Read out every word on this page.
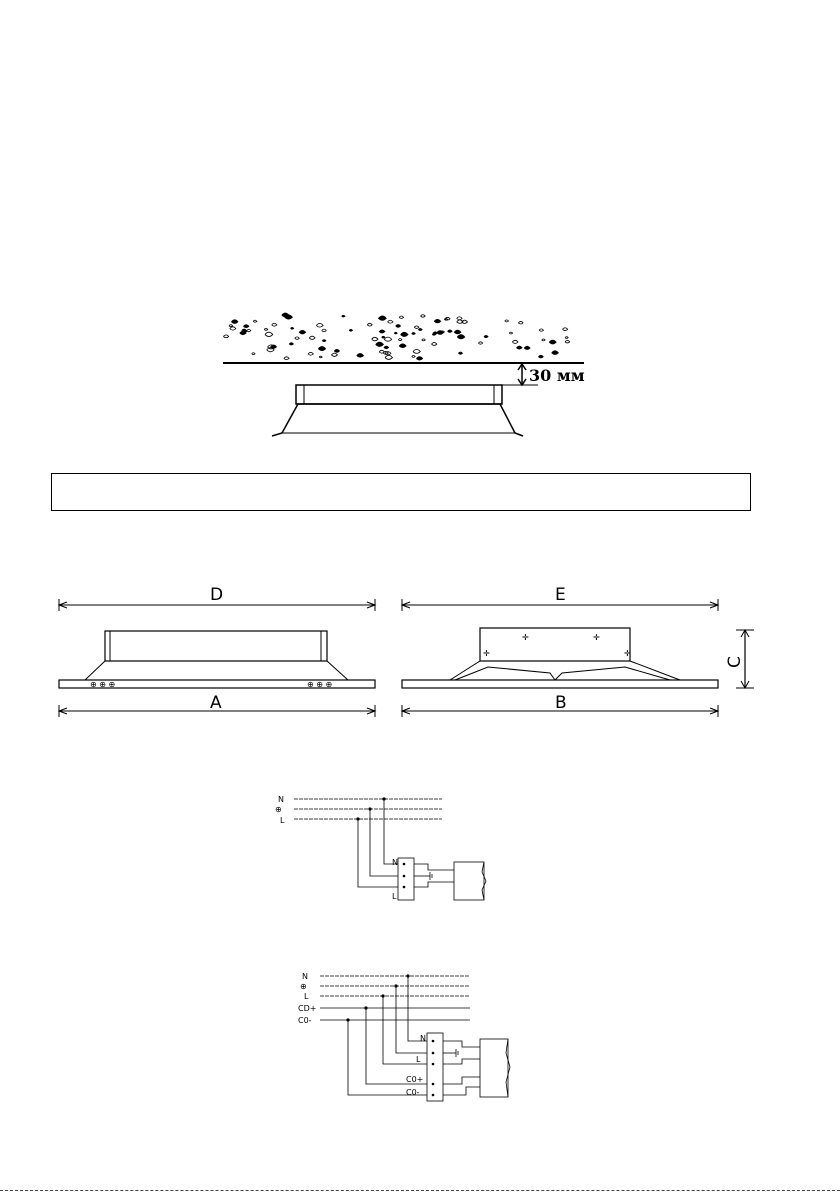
30 мм
D
⊕ ⊕ ⊕	⊕ ⊕ ⊕
A
E
✛	✛
✛	✛
B
C
N
⊕
L
N
L
N
⊕
L
CD+
C0-
N
L
C0+
C0-
